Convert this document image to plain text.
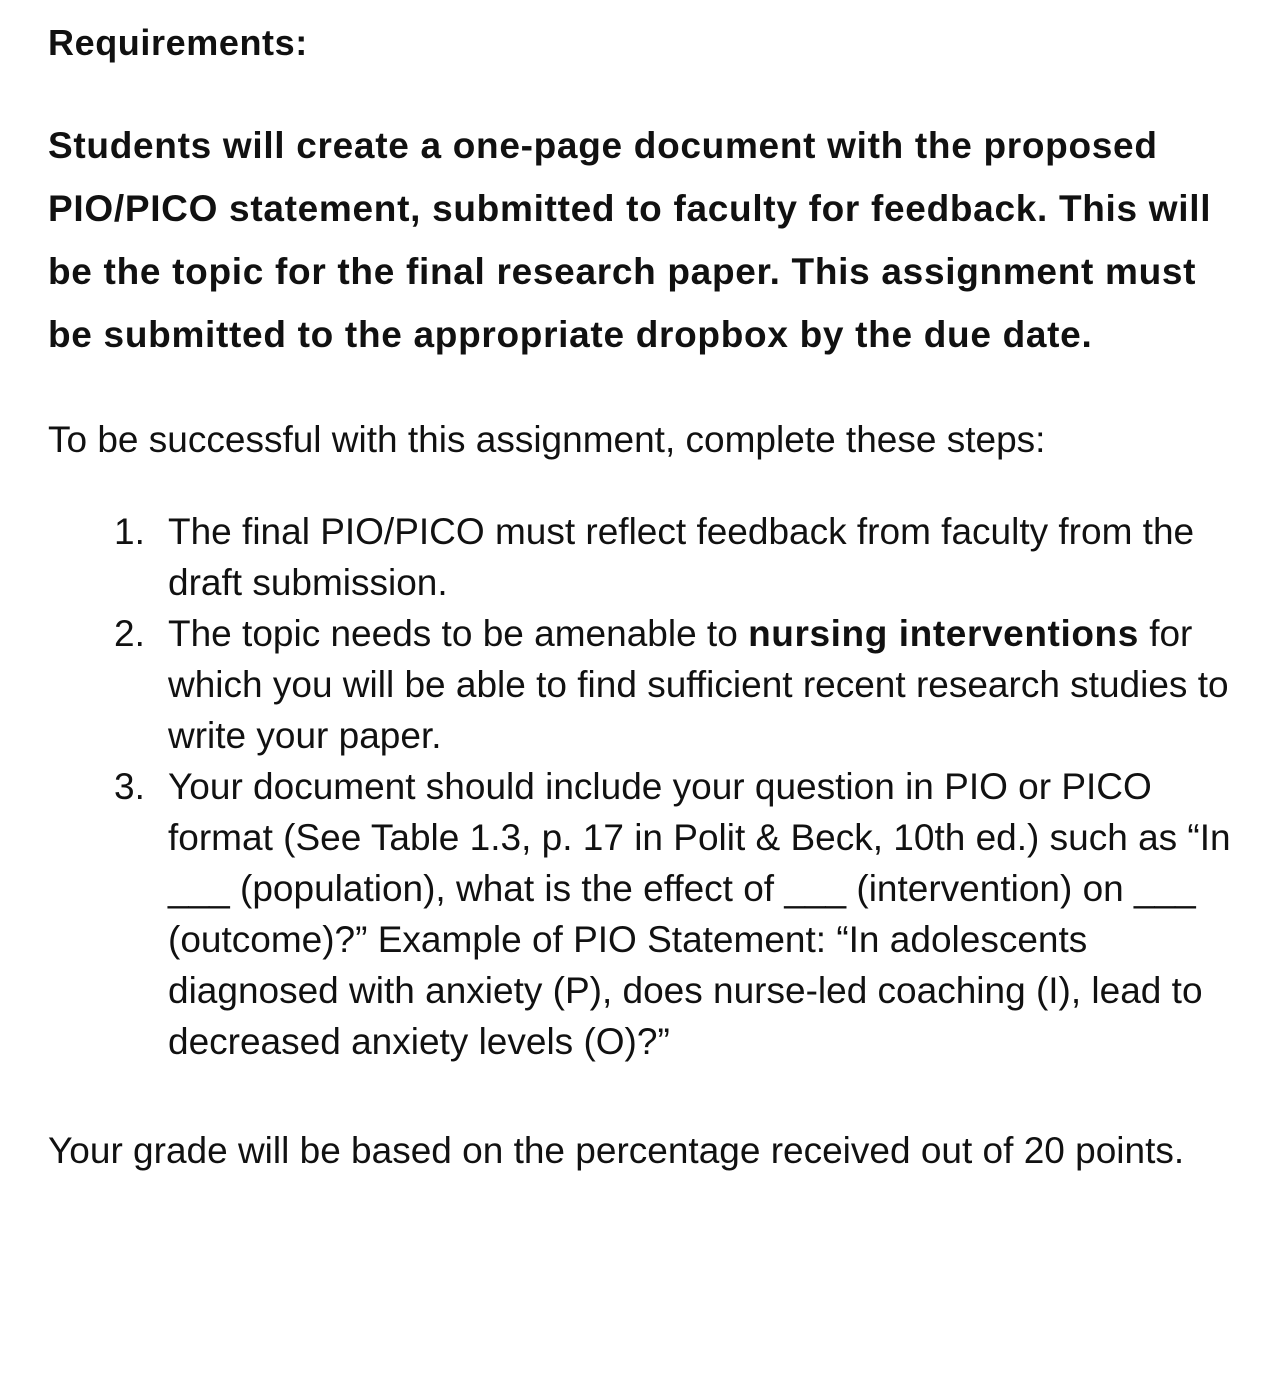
Requirements:

Students will create a one-page document with the proposed PIO/PICO statement, submitted to faculty for feedback. This will be the topic for the final research paper. This assignment must be submitted to the appropriate dropbox by the due date.

To be successful with this assignment, complete these steps:

1. The final PIO/PICO must reflect feedback from faculty from the draft submission.
2. The topic needs to be amenable to nursing interventions for which you will be able to find sufficient recent research studies to write your paper.
3. Your document should include your question in PIO or PICO format (See Table 1.3, p. 17 in Polit & Beck, 10th ed.) such as “In ___ (population), what is the effect of ___ (intervention) on ___ (outcome)?” Example of PIO Statement: “In adolescents diagnosed with anxiety (P), does nurse-led coaching (I), lead to decreased anxiety levels (O)?”

Your grade will be based on the percentage received out of 20 points.
